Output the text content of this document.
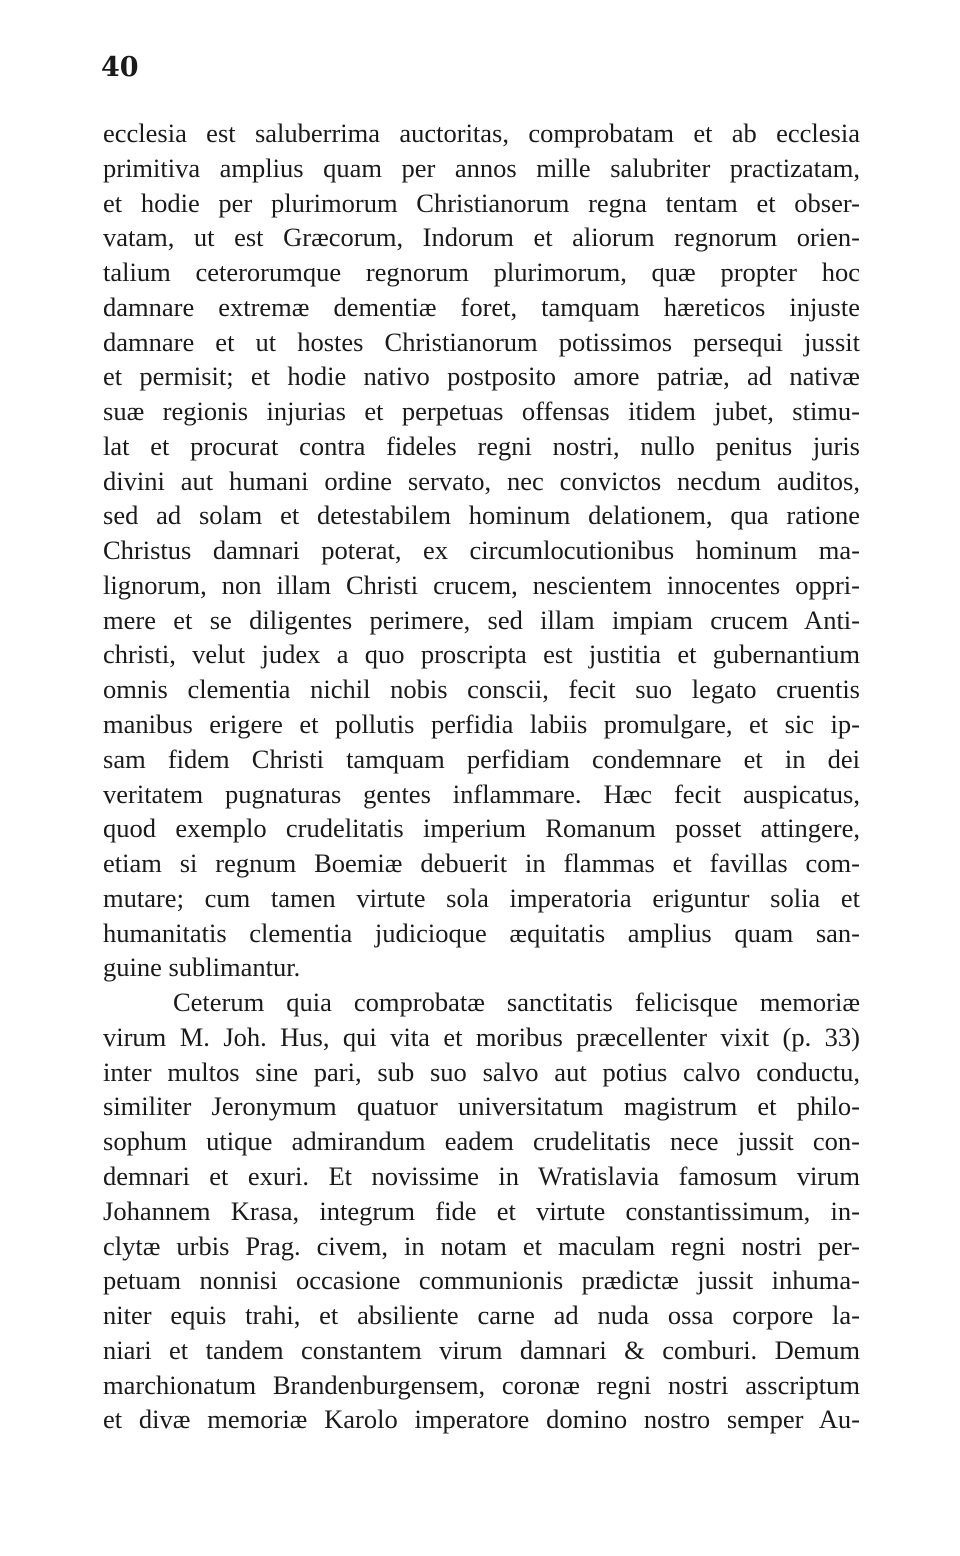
40

ecclesia est saluberrima auctoritas, comprobatam et ab ecclesia
primitiva amplius quam per annos mille salubriter practizatam,
et hodie per plurimorum Christianorum regna tentam et obser-
vatam, ut est Græcorum, Indorum et aliorum regnorum orien-
talium ceterorumque regnorum plurimorum, quæ propter hoc
damnare extremæ dementiæ foret, tamquam hæreticos injuste
damnare et ut hostes Christianorum potissimos persequi jussit
et permisit; et hodie nativo postposito amore patriæ, ad nativæ
suæ regionis injurias et perpetuas offensas itidem jubet, stimu-
lat et procurat contra fideles regni nostri, nullo penitus juris
divini aut humani ordine servato, nec convictos necdum auditos,
sed ad solam et detestabilem hominum delationem, qua ratione
Christus damnari poterat, ex circumlocutionibus hominum ma-
lignorum, non illam Christi crucem, nescientem innocentes oppri-
mere et se diligentes perimere, sed illam impiam crucem Anti-
christi, velut judex a quo proscripta est justitia et gubernantium
omnis clementia nichil nobis conscii, fecit suo legato cruentis
manibus erigere et pollutis perfidia labiis promulgare, et sic ip-
sam fidem Christi tamquam perfidiam condemnare et in dei
veritatem pugnaturas gentes inflammare. Hæc fecit auspicatus,
quod exemplo crudelitatis imperium Romanum posset attingere,
etiam si regnum Boemiæ debuerit in flammas et favillas com-
mutare; cum tamen virtute sola imperatoria eriguntur solia et
humanitatis clementia judicioque æquitatis amplius quam san-
guine sublimantur.
Ceterum quia comprobatæ sanctitatis felicisque memoriæ
virum M. Joh. Hus, qui vita et moribus præcellenter vixit (p. 33)
inter multos sine pari, sub suo salvo aut potius calvo conductu,
similiter Jeronymum quatuor universitatum magistrum et philo-
sophum utique admirandum eadem crudelitatis nece jussit con-
demnari et exuri. Et novissime in Wratislavia famosum virum
Johannem Krasa, integrum fide et virtute constantissimum, in-
clytæ urbis Prag. civem, in notam et maculam regni nostri per-
petuam nonnisi occasione communionis prædictæ jussit inhuma-
niter equis trahi, et absiliente carne ad nuda ossa corpore la-
niari et tandem constantem virum damnari & comburi. Demum
marchionatum Brandenburgensem, coronæ regni nostri asscriptum
et divæ memoriæ Karolo imperatore domino nostro semper Au-
